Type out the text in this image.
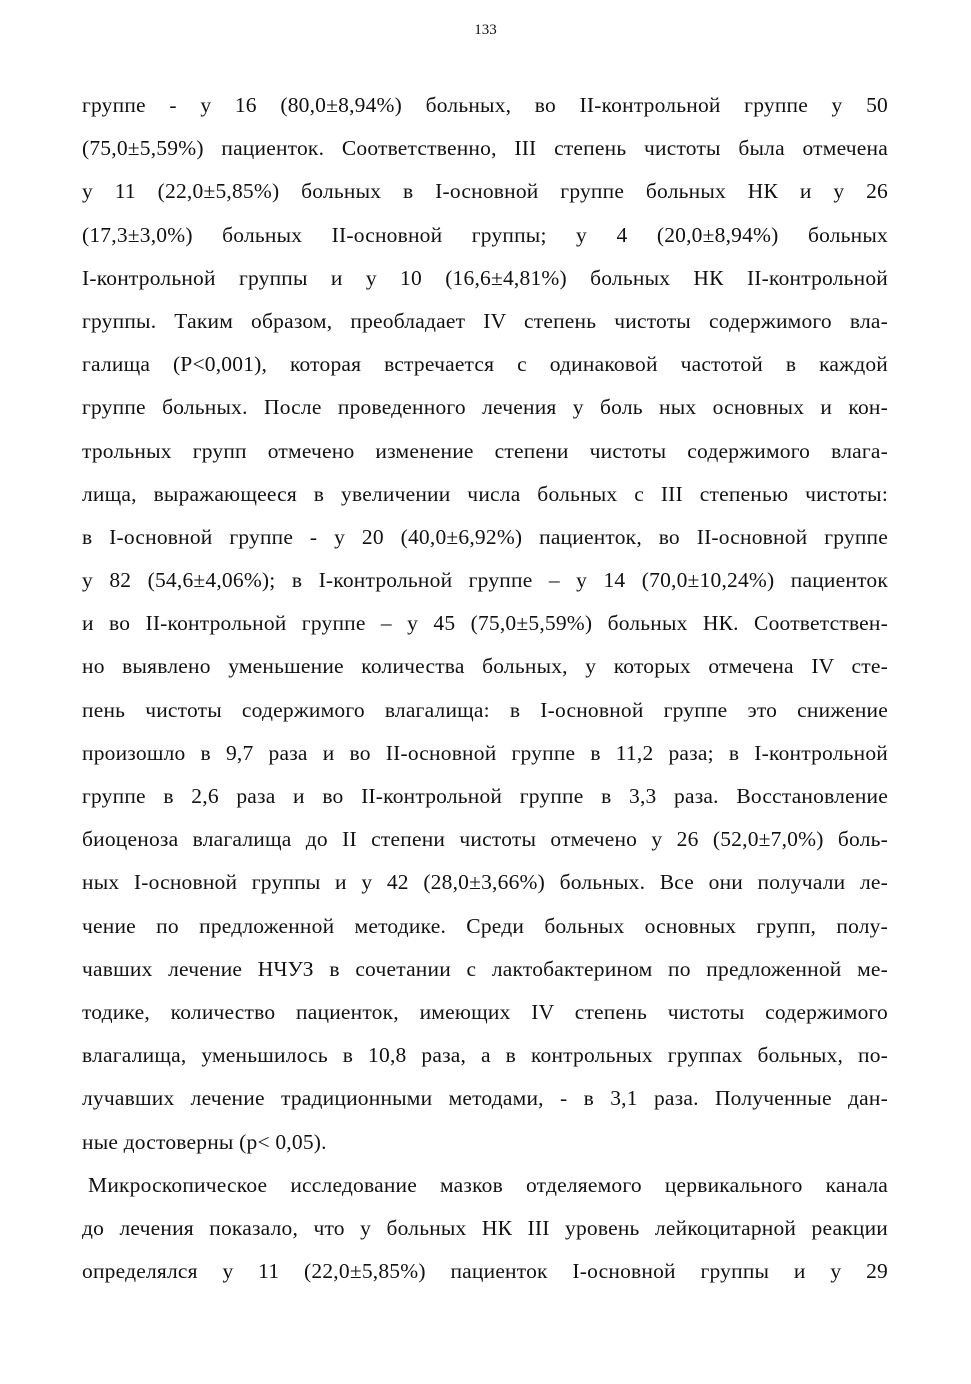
133
группе - у 16 (80,0±8,94%) больных, во II-контрольной группе у 50
(75,0±5,59%) пациенток. Соответственно, III степень чистоты была отмечена
у 11 (22,0±5,85%) больных в I-основной группе больных НК и у 26
(17,3±3,0%) больных II-основной группы; у 4 (20,0±8,94%) больных
I-контрольной группы и у 10 (16,6±4,81%) больных НК II-контрольной
группы. Таким образом, преобладает IV степень чистоты содержимого вла-
галища (Р<0,001), которая встречается с одинаковой частотой в каждой
группе больных. После проведенного лечения у боль ных основных и кон-
трольных групп отмечено изменение степени чистоты содержимого влага-
лища, выражающееся в увеличении числа больных с III степенью чистоты:
в I-основной группе - у 20 (40,0±6,92%) пациенток, во II-основной группе
у 82 (54,6±4,06%); в I-контрольной группе – у 14 (70,0±10,24%) пациенток
и во II-контрольной группе – у 45 (75,0±5,59%) больных НК. Соответствен-
но выявлено уменьшение количества больных, у которых отмечена IV сте-
пень чистоты содержимого влагалища: в I-основной группе это снижение
произошло в 9,7 раза и во II-основной группе в 11,2 раза; в I-контрольной
группе в 2,6 раза и во II-контрольной группе в 3,3 раза. Восстановление
биоценоза влагалища до II степени чистоты отмечено у 26 (52,0±7,0%) боль-
ных I-основной группы и у 42 (28,0±3,66%) больных. Все они получали ле-
чение по предложенной методике. Среди больных основных групп, полу-
чавших лечение НЧУЗ в сочетании с лактобактерином по предложенной ме-
тодике, количество пациенток, имеющих IV степень чистоты содержимого
влагалища, уменьшилось в 10,8 раза, а в контрольных группах больных, по-
лучавших лечение традиционными методами, - в 3,1 раза. Полученные дан-
ные достоверны (р< 0,05).
Микроскопическое исследование мазков отделяемого цервикального канала
до лечения показало, что у больных НК III уровень лейкоцитарной реакции
определялся у 11 (22,0±5,85%) пациенток I-основной группы и у 29
